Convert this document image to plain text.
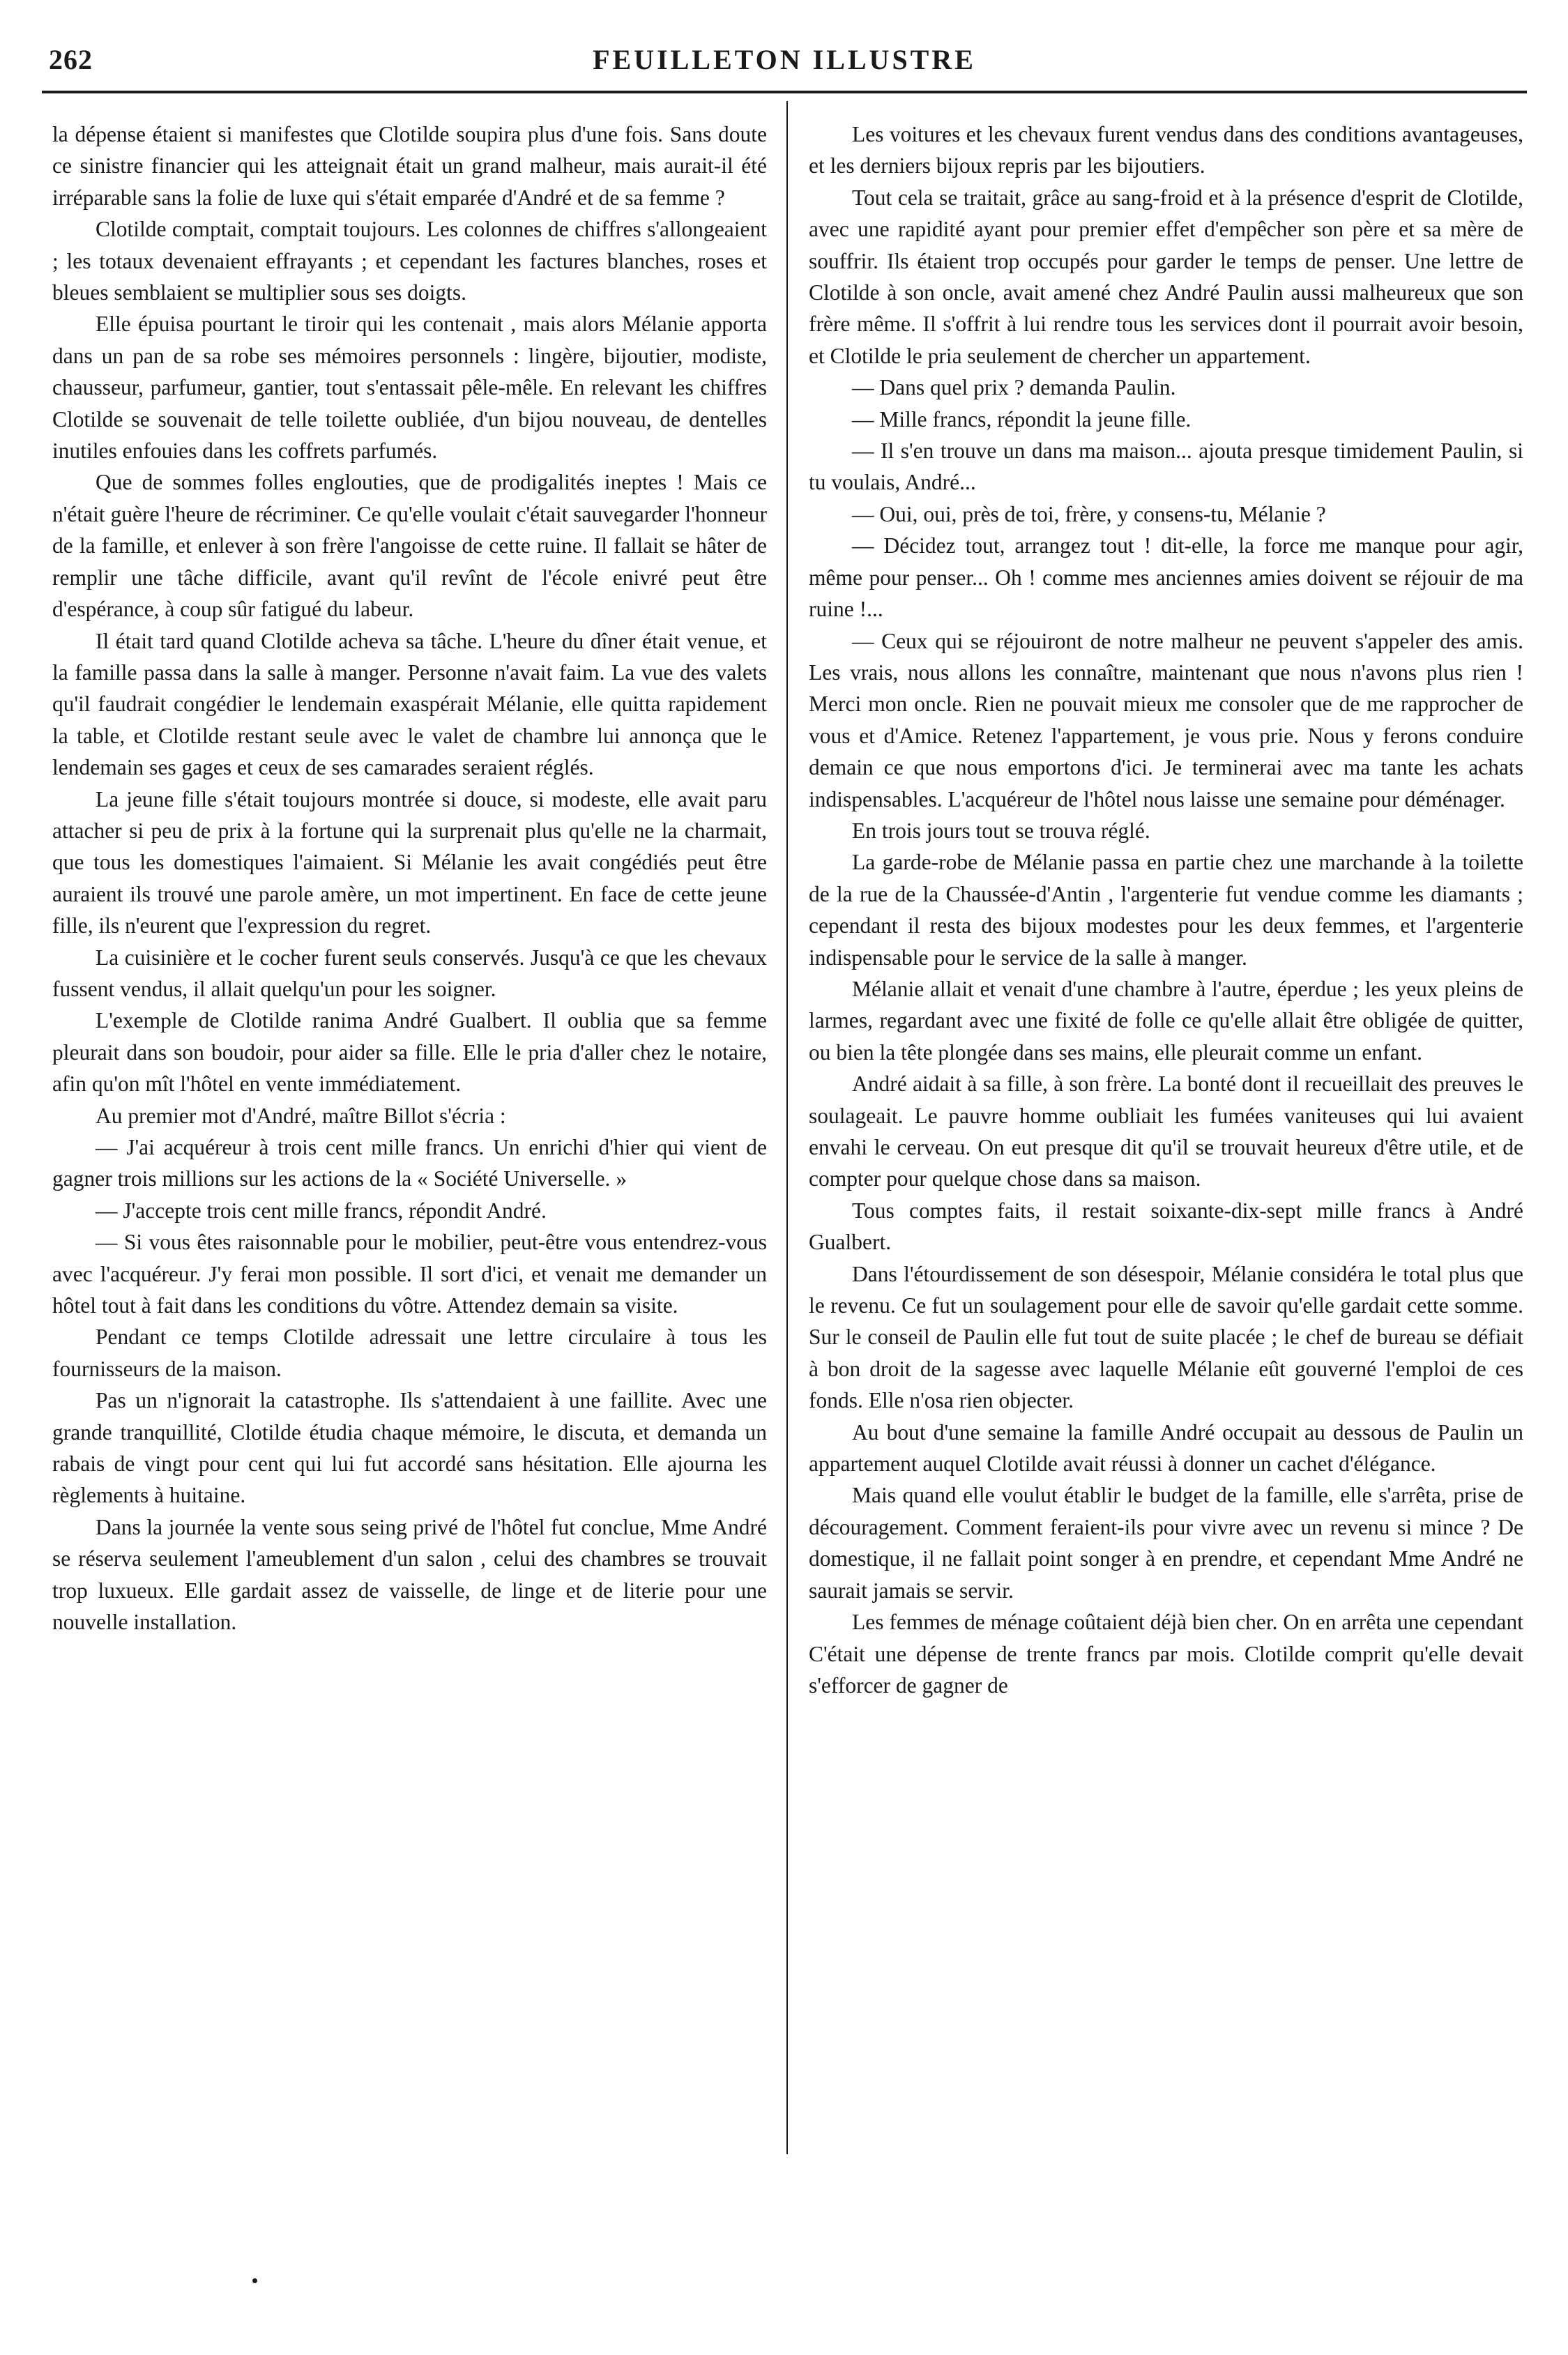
262	FEUILLETON ILLUSTRE

la dépense étaient si manifestes que Clotilde soupira plus d'une fois. Sans doute ce sinistre financier qui les atteignait était un grand malheur, mais aurait-il été irréparable sans la folie de luxe qui s'était emparée d'André et de sa femme ?

Clotilde comptait, comptait toujours. Les colonnes de chiffres s'allongeaient ; les totaux devenaient effrayants ; et cependant les factures blanches, roses et bleues semblaient se multiplier sous ses doigts.

Elle épuisa pourtant le tiroir qui les contenait , mais alors Mélanie apporta dans un pan de sa robe ses mémoires personnels : lingère, bijoutier, modiste, chausseur, parfumeur, gantier, tout s'entassait pêle-mêle. En relevant les chiffres Clotilde se souvenait de telle toilette oubliée, d'un bijou nouveau, de dentelles inutiles enfouies dans les coffrets parfumés.

Que de sommes folles englouties, que de prodigalités ineptes ! Mais ce n'était guère l'heure de récriminer. Ce qu'elle voulait c'était sauvegarder l'honneur de la famille, et enlever à son frère l'angoisse de cette ruine. Il fallait se hâter de remplir une tâche difficile, avant qu'il revînt de l'école enivré peut être d'espérance, à coup sûr fatigué du labeur.

Il était tard quand Clotilde acheva sa tâche. L'heure du dîner était venue, et la famille passa dans la salle à manger. Personne n'avait faim. La vue des valets qu'il faudrait congédier le lendemain exaspérait Mélanie, elle quitta rapidement la table, et Clotilde restant seule avec le valet de chambre lui annonça que le lendemain ses gages et ceux de ses camarades seraient réglés.

La jeune fille s'était toujours montrée si douce, si modeste, elle avait paru attacher si peu de prix à la fortune qui la surprenait plus qu'elle ne la charmait, que tous les domestiques l'aimaient. Si Mélanie les avait congédiés peut être auraient ils trouvé une parole amère, un mot impertinent. En face de cette jeune fille, ils n'eurent que l'expression du regret.

La cuisinière et le cocher furent seuls conservés. Jusqu'à ce que les chevaux fussent vendus, il allait quelqu'un pour les soigner.

L'exemple de Clotilde ranima André Gualbert. Il oublia que sa femme pleurait dans son boudoir, pour aider sa fille. Elle le pria d'aller chez le notaire, afin qu'on mît l'hôtel en vente immédiatement.

Au premier mot d'André, maître Billot s'écria :

— J'ai acquéreur à trois cent mille francs. Un enrichi d'hier qui vient de gagner trois millions sur les actions de la « Société Universelle. »

— J'accepte trois cent mille francs, répondit André.

— Si vous êtes raisonnable pour le mobilier, peut-être vous entendrez-vous avec l'acquéreur. J'y ferai mon possible. Il sort d'ici, et venait me demander un hôtel tout à fait dans les conditions du vôtre. Attendez demain sa visite.

Pendant ce temps Clotilde adressait une lettre circulaire à tous les fournisseurs de la maison.

Pas un n'ignorait la catastrophe. Ils s'attendaient à une faillite. Avec une grande tranquillité, Clotilde étudia chaque mémoire, le discuta, et demanda un rabais de vingt pour cent qui lui fut accordé sans hésitation. Elle ajourna les règlements à huitaine.

Dans la journée la vente sous seing privé de l'hôtel fut conclue, Mme André se réserva seulement l'ameublement d'un salon , celui des chambres se trouvait trop luxueux. Elle gardait assez de vaisselle, de linge et de literie pour une nouvelle installation.

Les voitures et les chevaux furent vendus dans des conditions avantageuses, et les derniers bijoux repris par les bijoutiers.

Tout cela se traitait, grâce au sang-froid et à la présence d'esprit de Clotilde, avec une rapidité ayant pour premier effet d'empêcher son père et sa mère de souffrir. Ils étaient trop occupés pour garder le temps de penser. Une lettre de Clotilde à son oncle, avait amené chez André Paulin aussi malheureux que son frère même. Il s'offrit à lui rendre tous les services dont il pourrait avoir besoin, et Clotilde le pria seulement de chercher un appartement.

— Dans quel prix ? demanda Paulin.

— Mille francs, répondit la jeune fille.

— Il s'en trouve un dans ma maison... ajouta presque timidement Paulin, si tu voulais, André...

— Oui, oui, près de toi, frère, y consens-tu, Mélanie ?

— Décidez tout, arrangez tout ! dit-elle, la force me manque pour agir, même pour penser... Oh ! comme mes anciennes amies doivent se réjouir de ma ruine !...

— Ceux qui se réjouiront de notre malheur ne peuvent s'appeler des amis. Les vrais, nous allons les connaître, maintenant que nous n'avons plus rien ! Merci mon oncle. Rien ne pouvait mieux me consoler que de me rapprocher de vous et d'Amice. Retenez l'appartement, je vous prie. Nous y ferons conduire demain ce que nous emportons d'ici. Je terminerai avec ma tante les achats indispensables. L'acquéreur de l'hôtel nous laisse une semaine pour déménager.

En trois jours tout se trouva réglé.

La garde-robe de Mélanie passa en partie chez une marchande à la toilette de la rue de la Chaussée-d'Antin , l'argenterie fut vendue comme les diamants ; cependant il resta des bijoux modestes pour les deux femmes, et l'argenterie indispensable pour le service de la salle à manger.

Mélanie allait et venait d'une chambre à l'autre, éperdue ; les yeux pleins de larmes, regardant avec une fixité de folle ce qu'elle allait être obligée de quitter, ou bien la tête plongée dans ses mains, elle pleurait comme un enfant.

André aidait à sa fille, à son frère. La bonté dont il recueillait des preuves le soulageait. Le pauvre homme oubliait les fumées vaniteuses qui lui avaient envahi le cerveau. On eut presque dit qu'il se trouvait heureux d'être utile, et de compter pour quelque chose dans sa maison.

Tous comptes faits, il restait soixante-dix-sept mille francs à André Gualbert.

Dans l'étourdissement de son désespoir, Mélanie considéra le total plus que le revenu. Ce fut un soulagement pour elle de savoir qu'elle gardait cette somme. Sur le conseil de Paulin elle fut tout de suite placée ; le chef de bureau se défiait à bon droit de la sagesse avec laquelle Mélanie eût gouverné l'emploi de ces fonds. Elle n'osa rien objecter.

Au bout d'une semaine la famille André occupait au dessous de Paulin un appartement auquel Clotilde avait réussi à donner un cachet d'élégance.

Mais quand elle voulut établir le budget de la famille, elle s'arrêta, prise de découragement. Comment feraient-ils pour vivre avec un revenu si mince ? De domestique, il ne fallait point songer à en prendre, et cependant Mme André ne saurait jamais se servir.

Les femmes de ménage coûtaient déjà bien cher. On en arrêta une cependant C'était une dépense de trente francs par mois. Clotilde comprit qu'elle devait s'efforcer de gagner de
